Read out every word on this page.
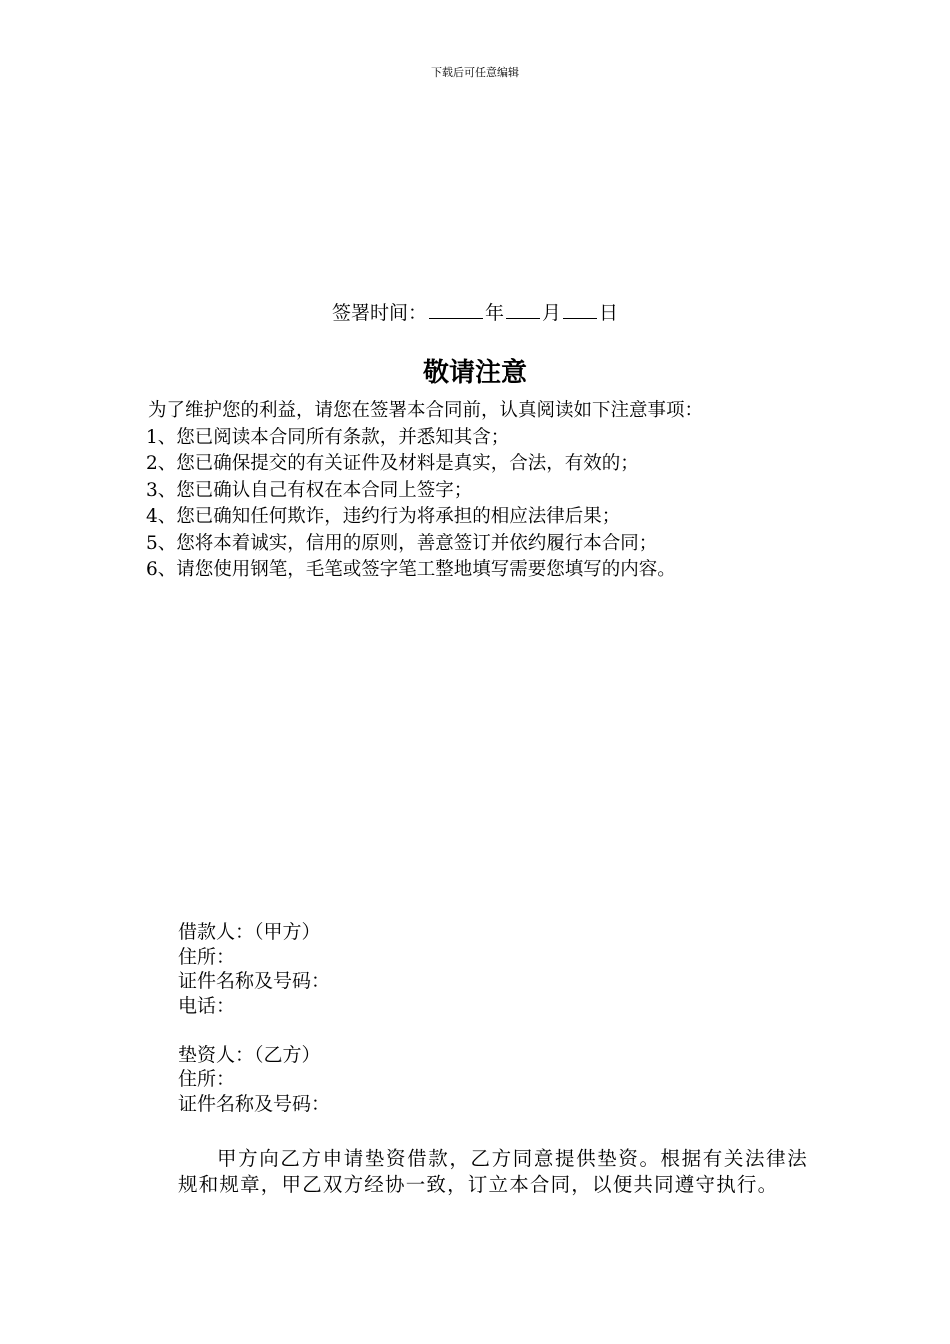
下载后可任意编辑
签署时间：	年 月 日
敬请注意
为了维护您的利益，请您在签署本合同前，认真阅读如下注意事项：
1、您已阅读本合同所有条款，并悉知其含；
2、您已确保提交的有关证件及材料是真实，合法，有效的；
3、您已确认自己有权在本合同上签字；
4、您已确知任何欺诈，违约行为将承担的相应法律后果；
5、您将本着诚实，信用的原则，善意签订并依约履行本合同；
6、请您使用钢笔，毛笔或签字笔工整地填写需要您填写的内容。
借款人：（甲方）
住所：
证件名称及号码：
电话：
垫资人：（乙方）
住所：
证件名称及号码：
甲方向乙方申请垫资借款，乙方同意提供垫资。根据有关法律法规和规章，甲乙双方经协一致，订立本合同，以便共同遵守执行。
